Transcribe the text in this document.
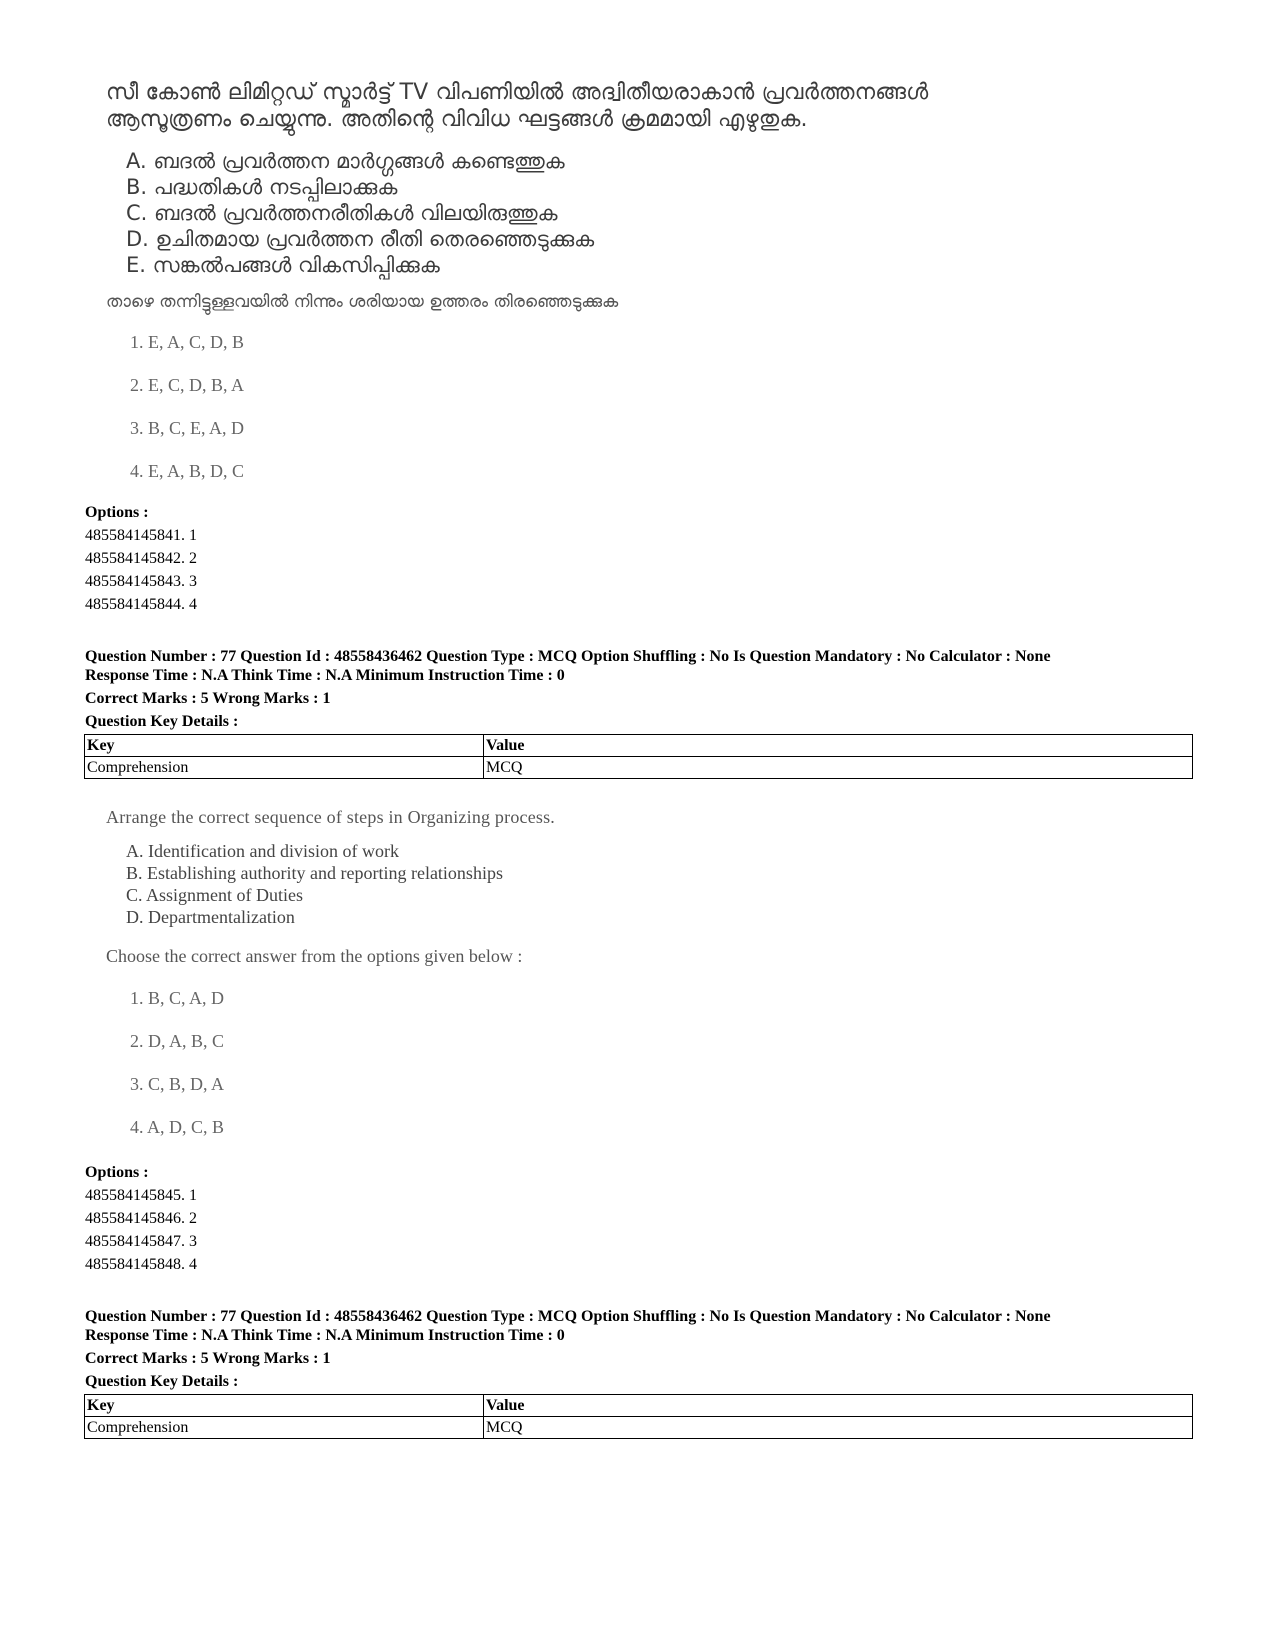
സീ കോൺ ലിമിറ്റഡ് സ്മാർട്ട് TV വിപണിയിൽ അദ്വിതീയരാകാൻ പ്രവർത്തനങ്ങൾ
ആസൂത്രണം ചെയ്യുന്നു. അതിന്റെ വിവിധ ഘട്ടങ്ങൾ ക്രമമായി എഴുതുക.
A. ബദൽ പ്രവർത്തന മാർഗ്ഗങ്ങൾ കണ്ടെത്തുക
B. പദ്ധതികൾ നടപ്പിലാക്കുക
C. ബദൽ പ്രവർത്തനരീതികൾ വിലയിരുത്തുക
D. ഉചിതമായ പ്രവർത്തന രീതി തെരഞ്ഞെടുക്കുക
E. സങ്കൽപങ്ങൾ വികസിപ്പിക്കുക
താഴെ തന്നിട്ടുള്ളവയിൽ നിന്നും ശരിയായ ഉത്തരം തിരഞ്ഞെടുക്കുക
1. E, A, C, D, B
2. E, C, D, B, A
3. B, C, E, A, D
4. E, A, B, D, C
Options :
485584145841. 1
485584145842. 2
485584145843. 3
485584145844. 4
Question Number : 77 Question Id : 48558436462 Question Type : MCQ Option Shuffling : No Is Question Mandatory : No Calculator : None
Response Time : N.A Think Time : N.A Minimum Instruction Time : 0
Correct Marks : 5 Wrong Marks : 1
Question Key Details :
Key	Value
Comprehension	MCQ
Arrange the correct sequence of steps in Organizing process.
A. Identification and division of work
B. Establishing authority and reporting relationships
C. Assignment of Duties
D. Departmentalization
Choose the correct answer from the options given below :
1. B, C, A, D
2. D, A, B, C
3. C, B, D, A
4. A, D, C, B
Options :
485584145845. 1
485584145846. 2
485584145847. 3
485584145848. 4
Question Number : 77 Question Id : 48558436462 Question Type : MCQ Option Shuffling : No Is Question Mandatory : No Calculator : None
Response Time : N.A Think Time : N.A Minimum Instruction Time : 0
Correct Marks : 5 Wrong Marks : 1
Question Key Details :
Key	Value
Comprehension	MCQ
